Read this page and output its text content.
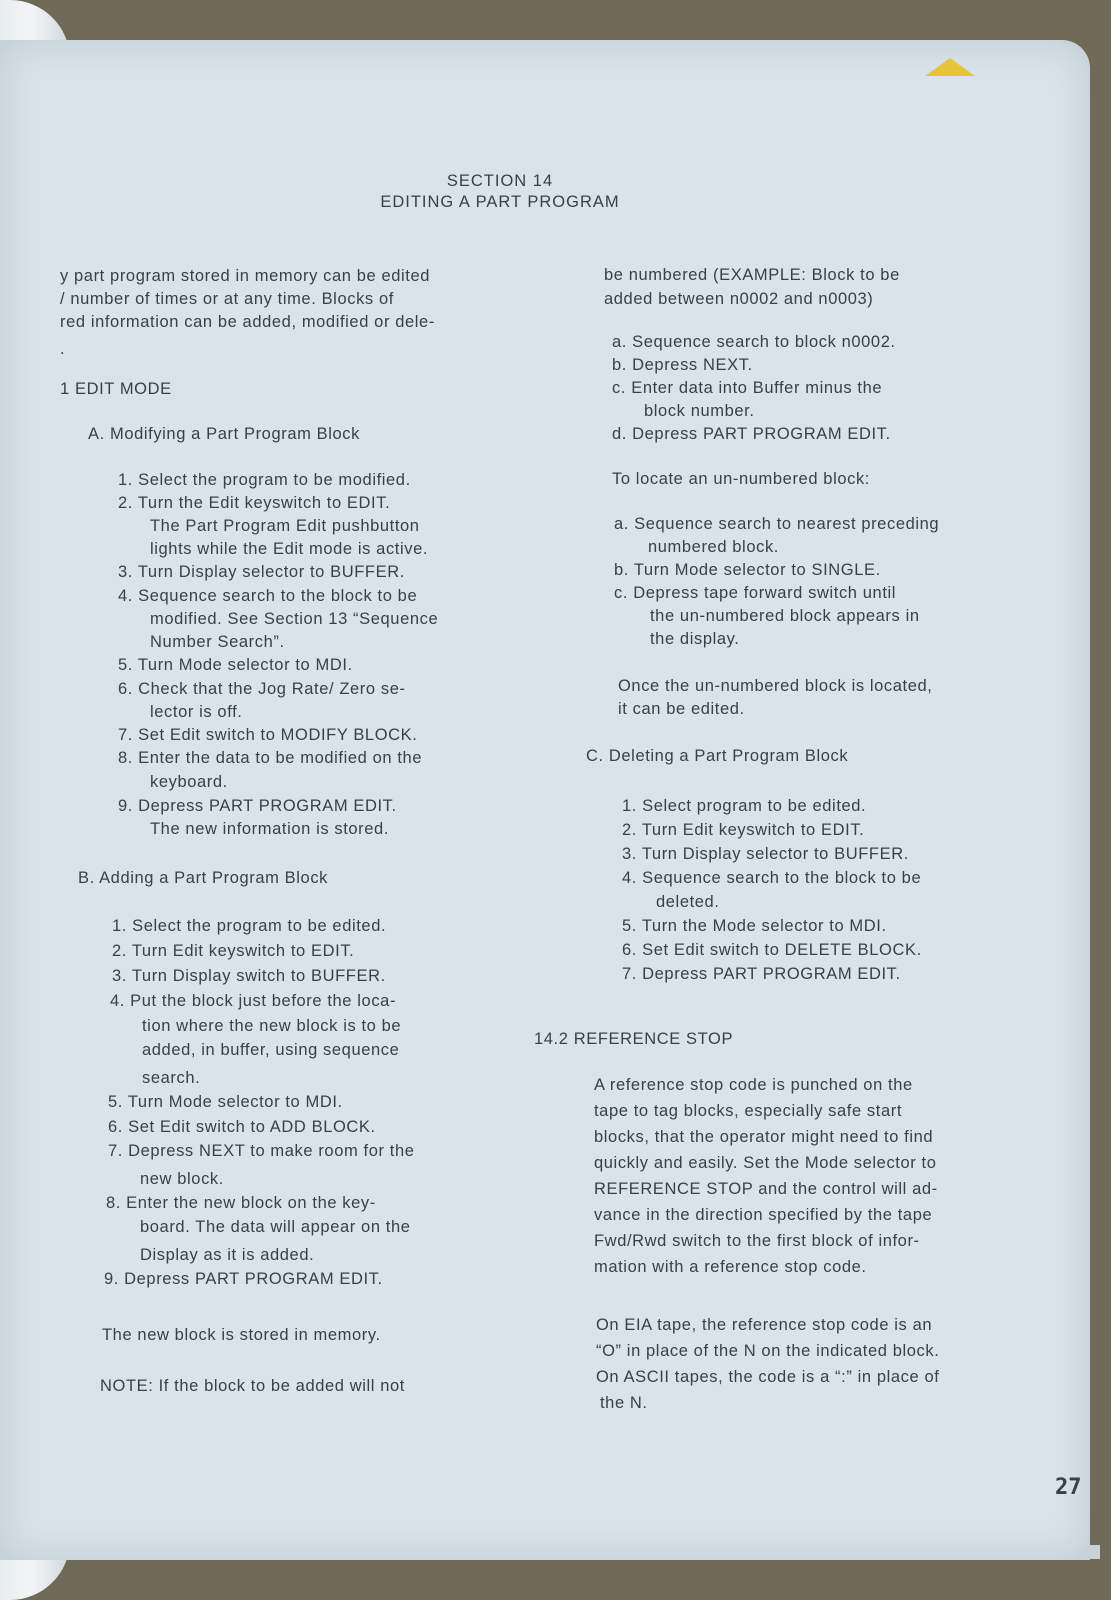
SECTION 14
EDITING A PART PROGRAM
y part program stored in memory can be edited
/ number of times or at any time. Blocks of
red information can be added, modified or dele-
.
1 EDIT MODE
A. Modifying a Part Program Block
1. Select the program to be modified.
2. Turn the Edit keyswitch to EDIT.
The Part Program Edit pushbutton
lights while the Edit mode is active.
3. Turn Display selector to BUFFER.
4. Sequence search to the block to be
modified. See Section 13 “Sequence
Number Search”.
5. Turn Mode selector to MDI.
6. Check that the Jog Rate/ Zero se-
lector is off.
7. Set Edit switch to MODIFY BLOCK.
8. Enter the data to be modified on the
keyboard.
9. Depress PART PROGRAM EDIT.
The new information is stored.
B. Adding a Part Program Block
1. Select the program to be edited.
2. Turn Edit keyswitch to EDIT.
3. Turn Display switch to BUFFER.
4. Put the block just before the loca-
tion where the new block is to be
added, in buffer, using sequence
search.
5. Turn Mode selector to MDI.
6. Set Edit switch to ADD BLOCK.
7. Depress NEXT to make room for the
new block.
8. Enter the new block on the key-
board. The data will appear on the
Display as it is added.
9. Depress PART PROGRAM EDIT.
The new block is stored in memory.
NOTE: If the block to be added will not
be numbered (EXAMPLE: Block to be
added between n0002 and n0003)
a. Sequence search to block n0002.
b. Depress NEXT.
c. Enter data into Buffer minus the
block number.
d. Depress PART PROGRAM EDIT.
To locate an un-numbered block:
a. Sequence search to nearest preceding
numbered block.
b. Turn Mode selector to SINGLE.
c. Depress tape forward switch until
the un-numbered block appears in
the display.
Once the un-numbered block is located,
it can be edited.
C. Deleting a Part Program Block
1. Select program to be edited.
2. Turn Edit keyswitch to EDIT.
3. Turn Display selector to BUFFER.
4. Sequence search to the block to be
deleted.
5. Turn the Mode selector to MDI.
6. Set Edit switch to DELETE BLOCK.
7. Depress PART PROGRAM EDIT.
14.2 REFERENCE STOP
A reference stop code is punched on the
tape to tag blocks, especially safe start
blocks, that the operator might need to find
quickly and easily. Set the Mode selector to
REFERENCE STOP and the control will ad-
vance in the direction specified by the tape
Fwd/Rwd switch to the first block of infor-
mation with a reference stop code.
On EIA tape, the reference stop code is an
“O” in place of the N on the indicated block.
On ASCII tapes, the code is a “:” in place of
the N.
27
